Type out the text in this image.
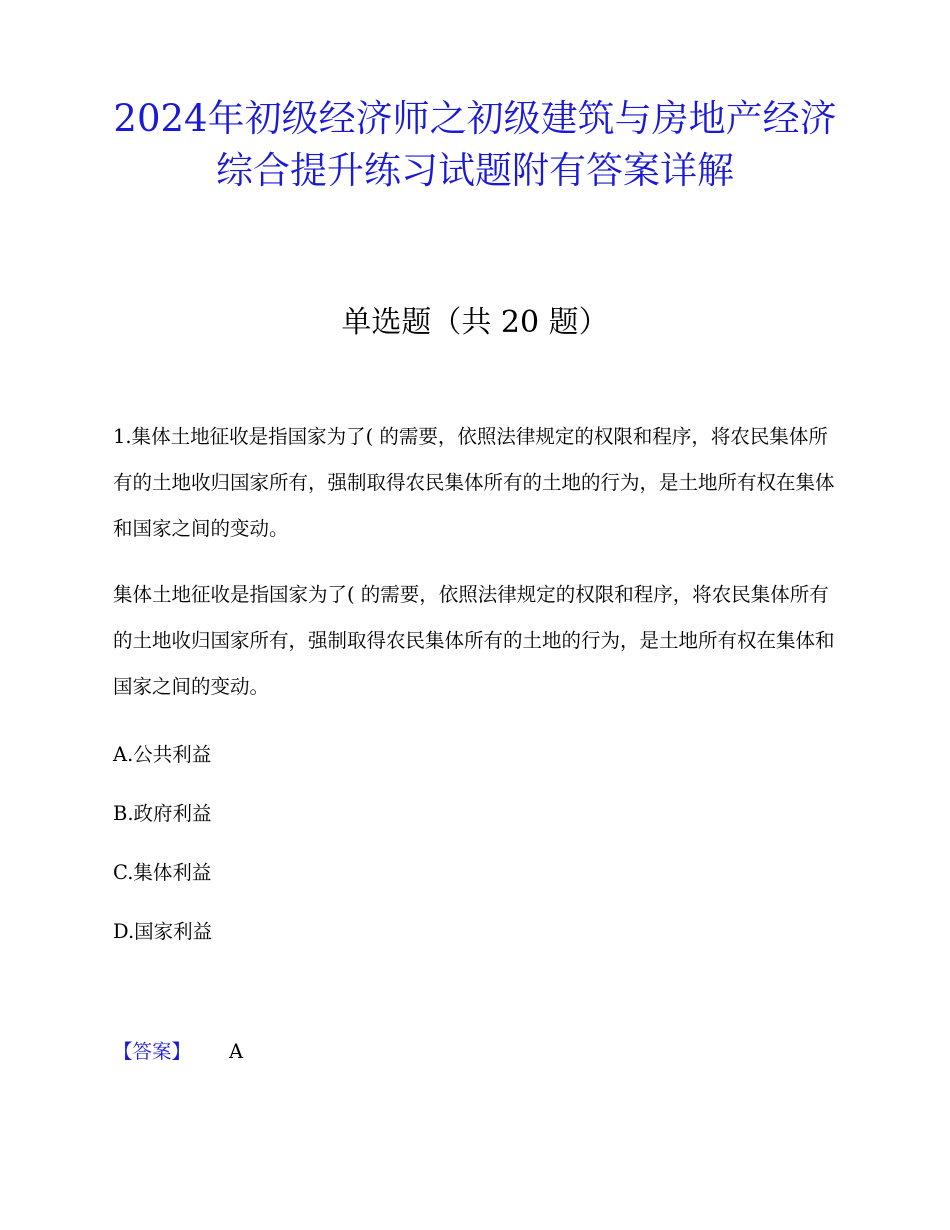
2024年初级经济师之初级建筑与房地产经济综合提升练习试题附有答案详解
单选题（共 20 题）

1.集体土地征收是指国家为了( 的需要，依照法律规定的权限和程序，将农民集体所有的土地收归国家所有，强制取得农民集体所有的土地的行为，是土地所有权在集体和国家之间的变动。

集体土地征收是指国家为了( 的需要，依照法律规定的权限和程序，将农民集体所有的土地收归国家所有，强制取得农民集体所有的土地的行为，是土地所有权在集体和国家之间的变动。

A.公共利益
B.政府利益
C.集体利益
D.国家利益
【答案】 A
